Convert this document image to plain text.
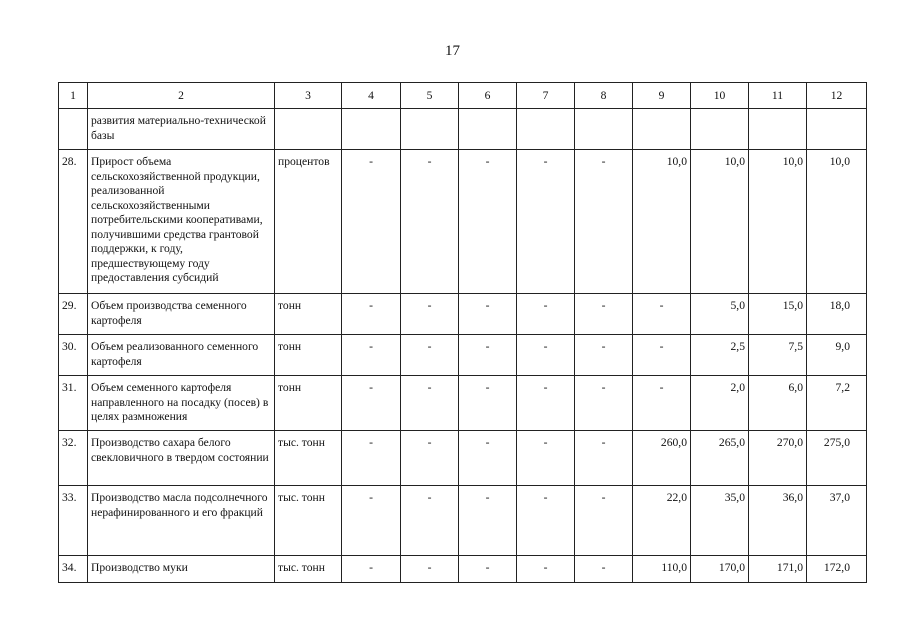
17
1	2	3	4	5	6	7	8	9	10	11	12
	развития материально-технической базы										
28.	Прирост объема сельскохозяйственной продукции, реализованной сельскохозяйственными потребительскими кооперативами, получившими средства грантовой поддержки, к году, предшествующему году предоставления субсидий	процентов	-	-	-	-	-	10,0	10,0	10,0	10,0
29.	Объем производства семенного картофеля	тонн	-	-	-	-	-	-	5,0	15,0	18,0
30.	Объем реализованного семенного картофеля	тонн	-	-	-	-	-	-	2,5	7,5	9,0
31.	Объем семенного картофеля направленного на посадку (посев) в целях размножения	тонн	-	-	-	-	-	-	2,0	6,0	7,2
32.	Производство сахара белого свекловичного в твердом состоянии	тыс. тонн	-	-	-	-	-	260,0	265,0	270,0	275,0
33.	Производство масла подсолнечного нерафинированного и его фракций	тыс. тонн	-	-	-	-	-	22,0	35,0	36,0	37,0
34.	Производство муки	тыс. тонн	-	-	-	-	-	110,0	170,0	171,0	172,0
